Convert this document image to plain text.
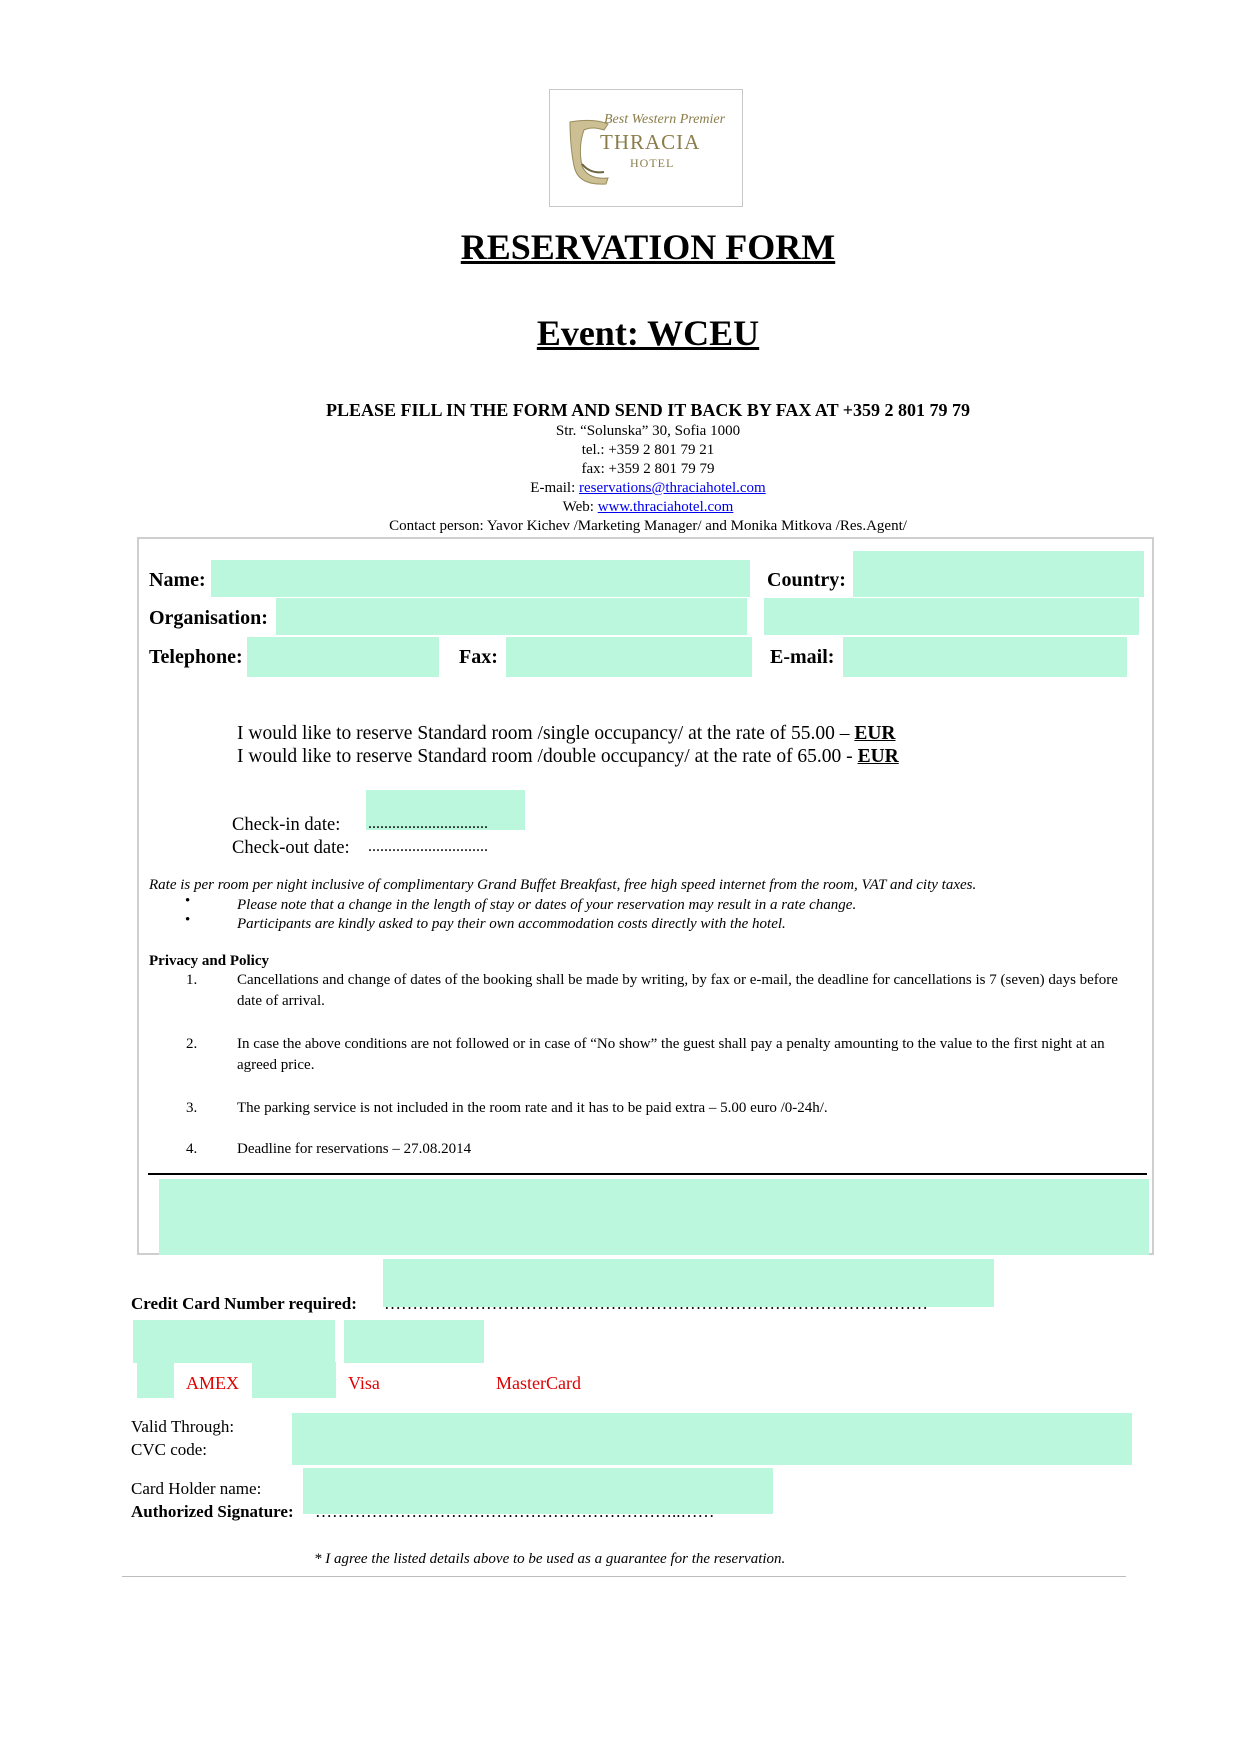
Best Western Premier
THRACIA
HOTEL
RESERVATION FORM
Event: WCEU
PLEASE FILL IN THE FORM AND SEND IT BACK BY FAX AT +359 2 801 79 79
Str. “Solunska” 30, Sofia 1000
tel.: +359 2 801 79 21
fax: +359 2 801 79 79
E-mail: reservations@thraciahotel.com
Web: www.thraciahotel.com
Contact person: Yavor Kichev /Marketing Manager/ and Monika Mitkova /Res.Agent/
Name:	Country:
Organisation:
Telephone:	Fax:	E-mail:
I would like to reserve Standard room /single occupancy/ at the rate of 55.00 – EUR
I would like to reserve Standard room /double occupancy/ at the rate of 65.00 - EUR
Check-in date: ..............................
Check-out date: ..............................
Rate is per room per night inclusive of complimentary Grand Buffet Breakfast, free high speed internet from the room, VAT and city taxes.
•	Please note that a change in the length of stay or dates of your reservation may result in a rate change.
•	Participants are kindly asked to pay their own accommodation costs directly with the hotel.
Privacy and Policy
1.	Cancellations and change of dates of the booking shall be made by writing, by fax or e-mail, the deadline for cancellations is 7 (seven) days before date of arrival.
2.	In case the above conditions are not followed or in case of “No show” the guest shall pay a penalty amounting to the value to the first night at an agreed price.
3.	The parking service is not included in the room rate and it has to be paid extra – 5.00 euro /0-24h/.
4.	Deadline for reservations – 27.08.2014
Credit Card Number required: ……………………………………………………………………………………
AMEX	Visa	MasterCard
Valid Through:
CVC code:
Card Holder name:
Authorized Signature: ………………………………………………………..……
* I agree the listed details above to be used as a guarantee for the reservation.
